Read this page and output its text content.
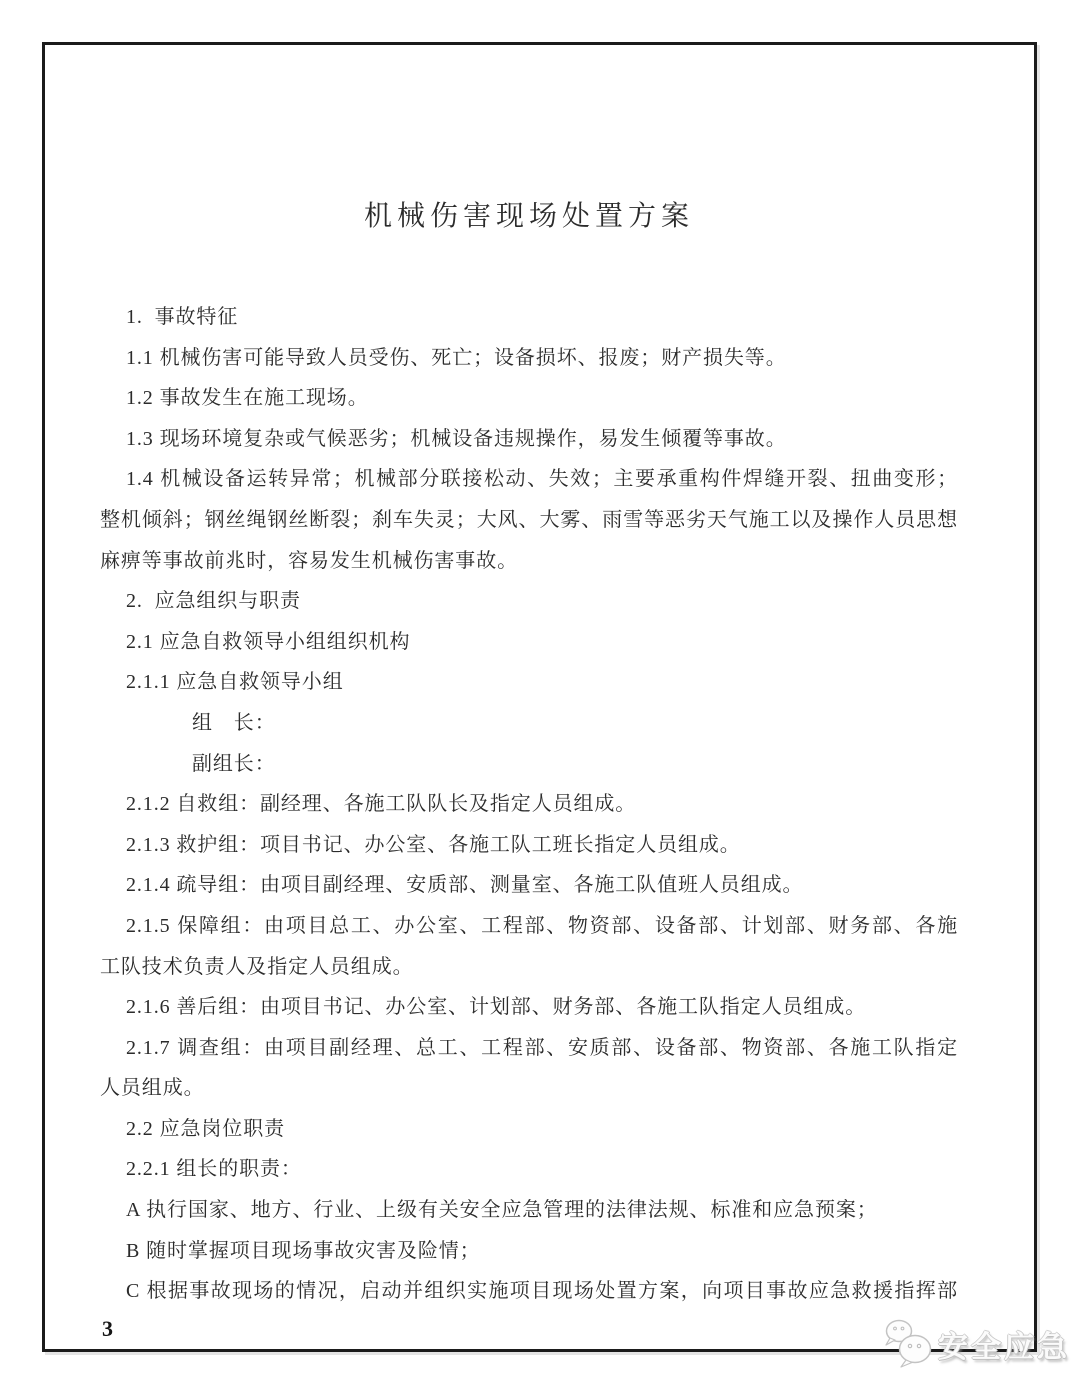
机械伤害现场处置方案
1.  事故特征
1.1 机械伤害可能导致人员受伤、死亡；设备损坏、报废；财产损失等。
1.2 事故发生在施工现场。
1.3 现场环境复杂或气候恶劣；机械设备违规操作，易发生倾覆等事故。
1.4 机械设备运转异常；机械部分联接松动、失效；主要承重构件焊缝开裂、扭曲变形；
整机倾斜；钢丝绳钢丝断裂；刹车失灵；大风、大雾、雨雪等恶劣天气施工以及操作人员思想
麻痹等事故前兆时，容易发生机械伤害事故。
2.  应急组织与职责
2.1 应急自救领导小组组织机构
2.1.1 应急自救领导小组
组　长：
副组长：
2.1.2 自救组：副经理、各施工队队长及指定人员组成。
2.1.3 救护组：项目书记、办公室、各施工队工班长指定人员组成。
2.1.4 疏导组：由项目副经理、安质部、测量室、各施工队值班人员组成。
2.1.5 保障组：由项目总工、办公室、工程部、物资部、设备部、计划部、财务部、各施
工队技术负责人及指定人员组成。
2.1.6 善后组：由项目书记、办公室、计划部、财务部、各施工队指定人员组成。
2.1.7 调查组：由项目副经理、总工、工程部、安质部、设备部、物资部、各施工队指定
人员组成。
2.2 应急岗位职责
2.2.1 组长的职责：
A 执行国家、地方、行业、上级有关安全应急管理的法律法规、标准和应急预案；
B 随时掌握项目现场事故灾害及险情；
C 根据事故现场的情况，启动并组织实施项目现场处置方案，向项目事故应急救援指挥部
3
安全应急
